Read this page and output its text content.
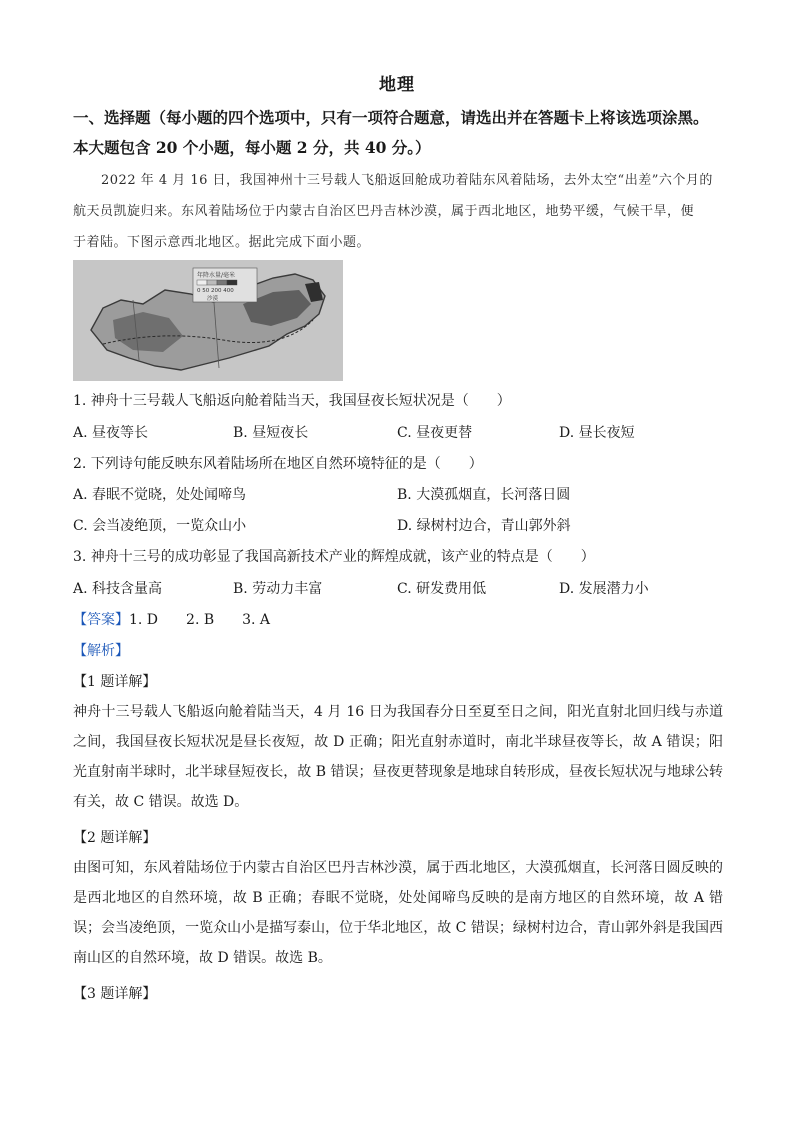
地理
一、选择题（每小题的四个选项中，只有一项符合题意，请选出并在答题卡上将该选项涂黑。
本大题包含 20 个小题，每小题 2 分，共 40 分。）
2022 年 4 月 16 日，我国神州十三号载人飞船返回舱成功着陆东风着陆场，去外太空“出差”六个月的
航天员凯旋归来。东风着陆场位于内蒙古自治区巴丹吉林沙漠，属于西北地区，地势平缓，气候干旱，便
于着陆。下图示意西北地区。据此完成下面小题。
年降水量/毫米
0 50 200 400
沙漠
1. 神舟十三号载人飞船返向舱着陆当天，我国昼夜长短状况是（　　）
A. 昼夜等长	B. 昼短夜长	C. 昼夜更替	D. 昼长夜短
2. 下列诗句能反映东风着陆场所在地区自然环境特征的是（　　）
A. 春眠不觉晓，处处闻啼鸟	B. 大漠孤烟直，长河落日圆
C. 会当凌绝顶，一览众山小	D. 绿树村边合，青山郭外斜
3. 神舟十三号的成功彰显了我国高新技术产业的辉煌成就，该产业的特点是（　　）
A. 科技含量高	B. 劳动力丰富	C. 研发费用低	D. 发展潜力小
【答案】1. D　　2. B　　3. A
【解析】
【1 题详解】
神舟十三号载人飞船返向舱着陆当天，4 月 16 日为我国春分日至夏至日之间，阳光直射北回归线与赤道之间，我国昼夜长短状况是昼长夜短，故 D 正确；阳光直射赤道时，南北半球昼夜等长，故 A 错误；阳光直射南半球时，北半球昼短夜长，故 B 错误；昼夜更替现象是地球自转形成，昼夜长短状况与地球公转有关，故 C 错误。故选 D。
【2 题详解】
由图可知，东风着陆场位于内蒙古自治区巴丹吉林沙漠，属于西北地区，大漠孤烟直，长河落日圆反映的是西北地区的自然环境，故 B 正确；春眠不觉晓，处处闻啼鸟反映的是南方地区的自然环境，故 A 错误；会当凌绝顶，一览众山小是描写泰山，位于华北地区，故 C 错误；绿树村边合，青山郭外斜是我国西南山区的自然环境，故 D 错误。故选 B。
【3 题详解】
